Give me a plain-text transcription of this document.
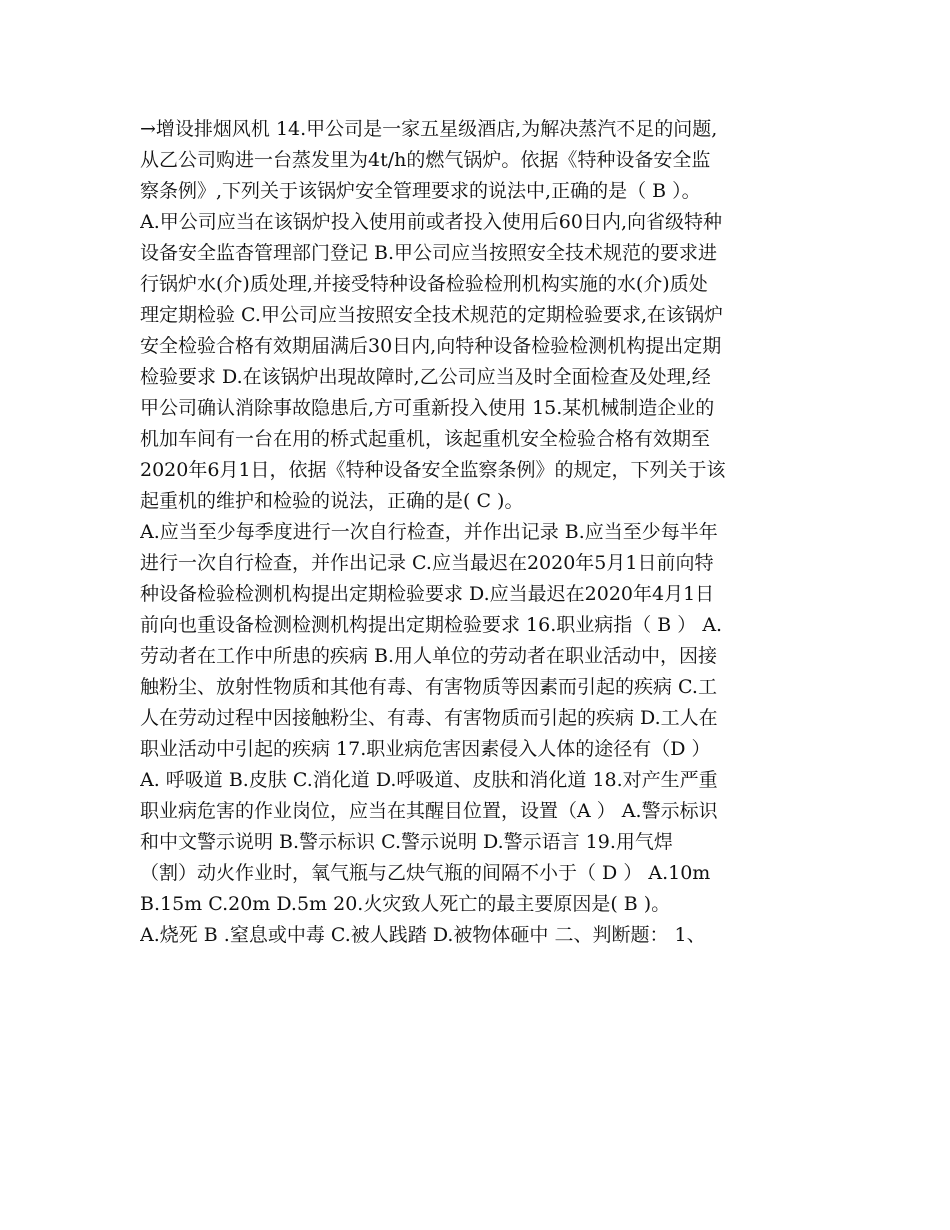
→增设排烟风机 14.甲公司是一家五星级酒店,为解决蒸汽不足的问题,
从乙公司购进一台蒸发里为4t/h的燃气锅炉。依据《特种设备安全监
察条例》,下列关于该锅炉安全管理要求的说法中,正确的是（ B ）。
A.甲公司应当在该锅炉投入使用前或者投入使用后60日内,向省级特种
设备安全监杳管理部门登记 B.甲公司应当按照安全技术规范的要求进
行锅炉水(介)质处理,并接受特种设备检验检刑机构实施的水(介)质处
理定期检验 C.甲公司应当按照安全技术规范的定期检验要求,在该锅炉
安全检验合格有效期届满后30日内,向特种设备检验检测机构提出定期
检验要求 D.在该锅炉出現故障时,乙公司应当及时全面检查及处理,经
甲公司确认消除事故隐患后,方可重新投入使用 15.某机械制造企业的
机加车间有一台在用的桥式起重机，该起重机安全检验合格有效期至
2020年6月1日，依据《特种设备安全监察条例》的规定，下列关于该
起重机的维护和检验的说法，正确的是( C )。
A.应当至少每季度进行一次自行检查，并作出记录 B.应当至少每半年
进行一次自行检查，并作出记录 C.应当最迟在2020年5月1日前向特
种设备检验检测机构提出定期检验要求 D.应当最迟在2020年4月1日
前向也重设备检测检测机构提出定期检验要求 16.职业病指（ B ） A.
劳动者在工作中所患的疾病 B.用人单位的劳动者在职业活动中，因接
触粉尘、放射性物质和其他有毒、有害物质等因素而引起的疾病 C.工
人在劳动过程中因接触粉尘、有毒、有害物质而引起的疾病 D.工人在
职业活动中引起的疾病 17.职业病危害因素侵入人体的途径有（D ）
A. 呼吸道 B.皮肤 C.消化道 D.呼吸道、皮肤和消化道 18.对产生严重
职业病危害的作业岗位，应当在其醒目位置，设置（A ） A.警示标识
和中文警示说明 B.警示标识 C.警示说明 D.警示语言 19.用气焊
（割）动火作业时，氧气瓶与乙炔气瓶的间隔不小于（ D ） A.10m
B.15m C.20m D.5m 20.火灾致人死亡的最主要原因是( B )。
A.烧死 B .窒息或中毒 C.被人践踏 D.被物体砸中 二、判断题： 1、
